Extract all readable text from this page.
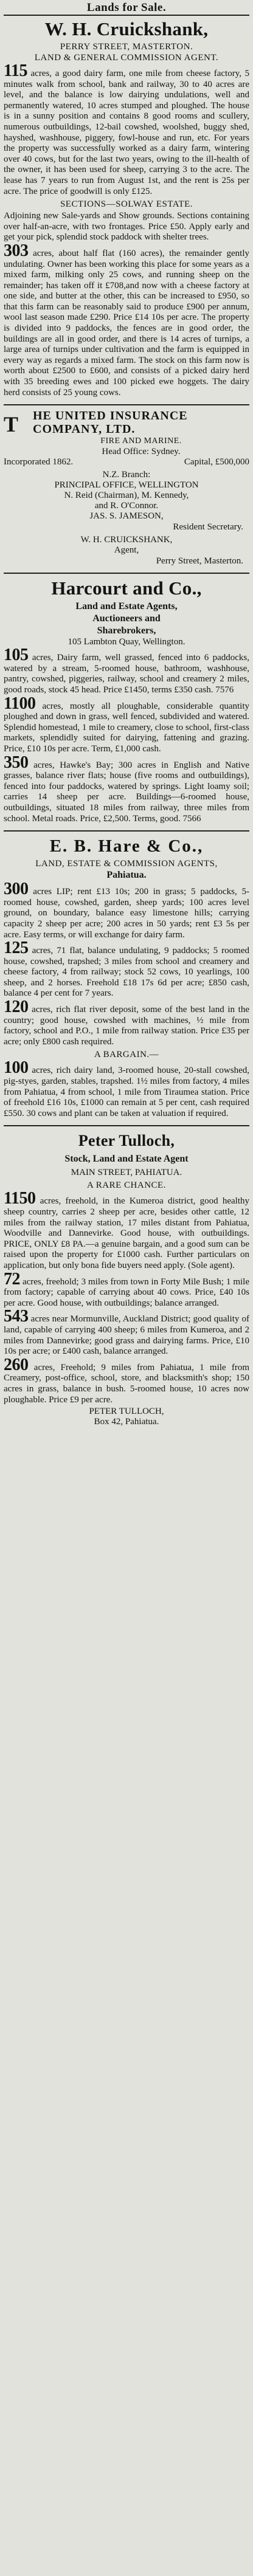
Lands for Sale.
W. H. Cruickshank,
PERRY STREET, MASTERTON.
LAND & GENERAL COMMISSION AGENT.

115 acres, a good dairy farm, one mile from cheese factory, 5 minutes walk from school, bank and railway, 30 to 40 acres are level, and the balance is low dairying undulations, well and permanently watered, 10 acres stumped and ploughed. The house is in a sunny position and contains 8 good rooms and scullery, numerous outbuildings, 12-bail cowshed, woolshed, buggy shed, hayshed, washhouse, piggery, fowl-house and run, etc. For years the property was successfully worked as a dairy farm, wintering over 40 cows, but for the last two years, owing to the ill-health of the owner, it has been used for sheep, carrying 3 to the acre. The lease has 7 years to run from August 1st, and the rent is 25s per acre. The price of goodwill is only £125.

SECTIONS—SOLWAY ESTATE.

Adjoining new Sale-yards and Show grounds. Sections containing over half-an-acre, with two frontages. Price £50. Apply early and get your pick, splendid stock paddock with shelter trees.

303 acres, about half flat (160 acres), the remainder gently undulating. Owner has been working this place for some years as a mixed farm, milking only 25 cows, and running sheep on the remainder; has taken off it £708,and now with a cheese factory at one side, and butter at the other, this can be increased to £950, so that this farm can be reasonably said to produce £900 per annum, wool last season made £290. Price £14 10s per acre. The property is divided into 9 paddocks, the fences are in good order, the buildings are all in good order, and there is 14 acres of turnips, a large area of turnips under cultivation and the farm is equipped in every way as regards a mixed farm. The stock on this farm now is worth about £2500 to £600, and consists of a picked dairy herd with 35 breeding ewes and 100 picked ewe hoggets. The dairy herd consists of 25 young cows.

T	HE UNITED INSURANCE COMPANY, LTD.
FIRE AND MARINE.
Head Office: Sydney.
Incorporated 1862.	Capital, £500,000
N.Z. Branch:
PRINCIPAL OFFICE, WELLINGTON
N. Reid (Chairman), M. Kennedy,
and R. O'Connor.
JAS. S. JAMESON,
Resident Secretary.
W. H. CRUICKSHANK,
Agent,
Perry Street, Masterton.
Harcourt and Co.,
Land and Estate Agents,
Auctioneers and
Sharebrokers,
105 Lambton Quay, Wellington.

105 acres, Dairy farm, well grassed, fenced into 6 paddocks, watered by a stream, 5-roomed house, bathroom, washhouse, pantry, cowshed, piggeries, railway, school and creamery 2 miles, good roads, stock 45 head. Price £1450, terms £350 cash. 7576

1100 acres, mostly all ploughable, considerable quantity ploughed and down in grass, well fenced, subdivided and watered. Splendid homestead, 1 mile to creamery, close to school, first-class markets, splendidly suited for dairying, fattening and grazing. Price, £10 10s per acre. Term, £1,000 cash.

350 acres, Hawke's Bay; 300 acres in English and Native grasses, balance river flats; house (five rooms and outbuildings), fenced into four paddocks, watered by springs. Light loamy soil; carries 14 sheep per acre. Buildings—6-roomed house, outbuildings, situated 18 miles from railway, three miles from school. Metal roads. Price, £2,500. Terms, good. 7566

E. B. Hare & Co.,
LAND, ESTATE & COMMISSION AGENTS,
Pahiatua.

300 acres LIP; rent £13 10s; 200 in grass; 5 paddocks, 5-roomed house, cowshed, garden, sheep yards; 100 acres level ground, on boundary, balance easy limestone hills; carrying capacity 2 sheep per acre; 200 acres in 50 yards; rent £3 5s per acre. Easy terms, or will exchange for dairy farm.

125 acres, 71 flat, balance undulating, 9 paddocks; 5 roomed house, cowshed, trapshed; 3 miles from school and creamery and cheese factory, 4 from railway; stock 52 cows, 10 yearlings, 100 sheep, and 2 horses. Freehold £18 17s 6d per acre; £850 cash, balance 4 per cent for 7 years.

120 acres, rich flat river deposit, some of the best land in the country; good house, cowshed with machines, ½ mile from factory, school and P.O., 1 mile from railway station. Price £35 per acre; only £800 cash required.

A BARGAIN.—

100 acres, rich dairy land, 3-roomed house, 20-stall cowshed, pig-styes, garden, stables, trapshed. 1½ miles from factory, 4 miles from Pahiatua, 4 from school, 1 mile from Tiraumea station. Price of freehold £16 10s, £1000 can remain at 5 per cent, cash required £550. 30 cows and plant can be taken at valuation if required.

Peter Tulloch,
Stock, Land and Estate Agent
MAIN STREET, PAHIATUA.
A RARE CHANCE.

1150 acres, freehold, in the Kumeroa district, good healthy sheep country, carries 2 sheep per acre, besides other cattle, 12 miles from the railway station, 17 miles distant from Pahiatua, Woodville and Dannevirke. Good house, with outbuildings. PRICE, ONLY £8 PA.—a genuine bargain, and a good sum can be raised upon the property for £1000 cash. Further particulars on application, but only bona fide buyers need apply. (Sole agent).

72 acres, freehold; 3 miles from town in Forty Mile Bush; 1 mile from factory; capable of carrying about 40 cows. Price, £40 10s per acre. Good house, with outbuildings; balance arranged.

543 acres near Mormunville, Auckland District; good quality of land, capable of carrying 400 sheep; 6 miles from Kumeroa, and 2 miles from Dannevirke; good grass and dairying farms. Price, £10 10s per acre; or £400 cash, balance arranged.

260 acres, Freehold; 9 miles from Pahiatua, 1 mile from Creamery, post-office, school, store, and blacksmith's shop; 150 acres in grass, balance in bush. 5-roomed house, 10 acres now ploughable. Price £9 per acre.

PETER TULLOCH,
Box 42, Pahiatua.
